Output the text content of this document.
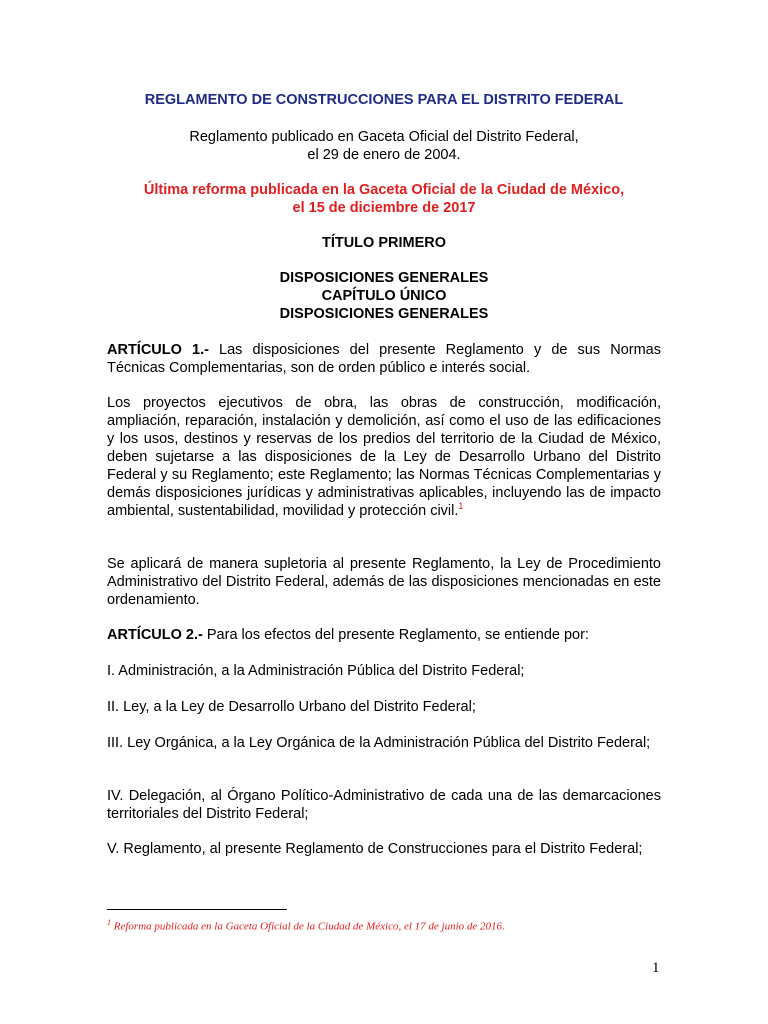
REGLAMENTO DE CONSTRUCCIONES PARA EL DISTRITO FEDERAL

Reglamento publicado en Gaceta Oficial del Distrito Federal,
el 29 de enero de 2004.

Última reforma publicada en la Gaceta Oficial de la Ciudad de México,
el 15 de diciembre de 2017

TÍTULO PRIMERO

DISPOSICIONES GENERALES
CAPÍTULO ÚNICO
DISPOSICIONES GENERALES

ARTÍCULO 1.- Las disposiciones del presente Reglamento y de sus Normas Técnicas Complementarias, son de orden público e interés social.

Los proyectos ejecutivos de obra, las obras de construcción, modificación, ampliación, reparación, instalación y demolición, así como el uso de las edificaciones y los usos, destinos y reservas de los predios del territorio de la Ciudad de México, deben sujetarse a las disposiciones de la Ley de Desarrollo Urbano del Distrito Federal y su Reglamento; este Reglamento; las Normas Técnicas Complementarias y demás disposiciones jurídicas y administrativas aplicables, incluyendo las de impacto ambiental, sustentabilidad, movilidad y protección civil.$^1$

Se aplicará de manera supletoria al presente Reglamento, la Ley de Procedimiento Administrativo del Distrito Federal, además de las disposiciones mencionadas en este ordenamiento.

ARTÍCULO 2.- Para los efectos del presente Reglamento, se entiende por:

I. Administración, a la Administración Pública del Distrito Federal;

II. Ley, a la Ley de Desarrollo Urbano del Distrito Federal;

III. Ley Orgánica, a la Ley Orgánica de la Administración Pública del Distrito Federal;

IV. Delegación, al Órgano Político-Administrativo de cada una de las demarcaciones territoriales del Distrito Federal;

V. Reglamento, al presente Reglamento de Construcciones para el Distrito Federal;

$^1$ Reforma publicada en la Gaceta Oficial de la Ciudad de México, el 17 de junio de 2016.
1
